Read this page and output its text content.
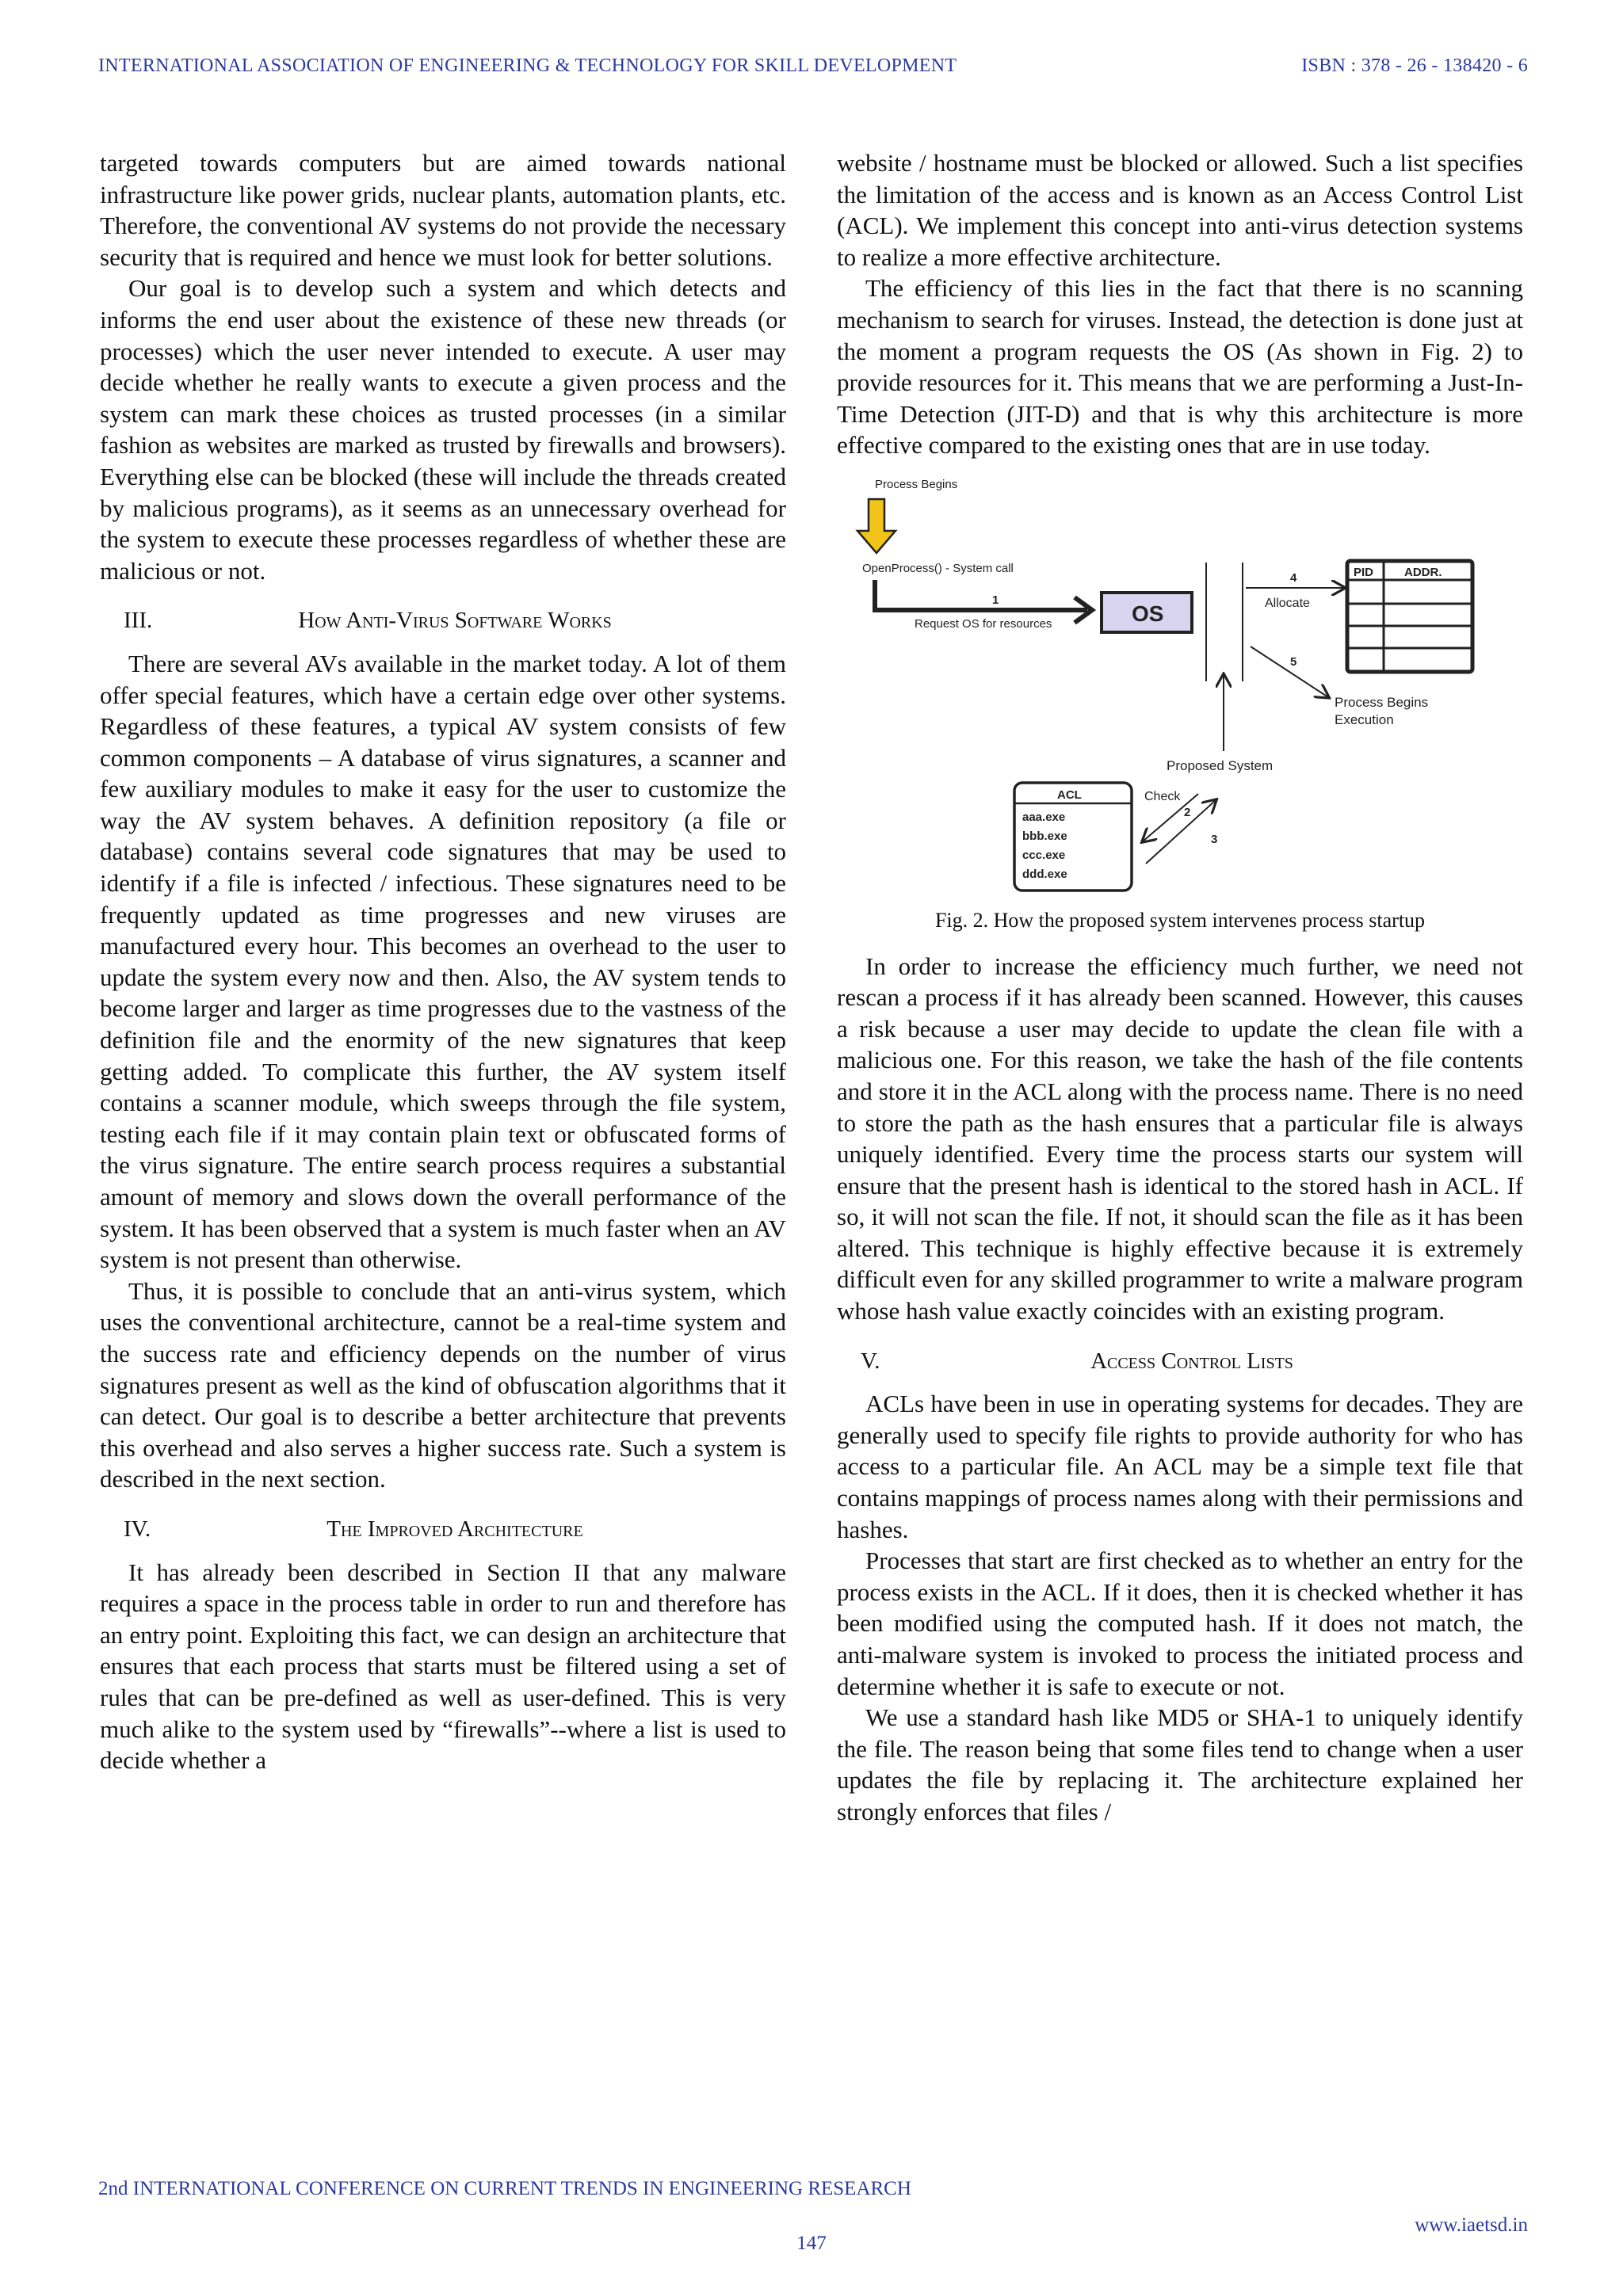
INTERNATIONAL ASSOCIATION OF ENGINEERING & TECHNOLOGY FOR SKILL DEVELOPMENT	ISBN : 378 - 26 - 138420 - 6

targeted towards computers but are aimed towards national infrastructure like power grids, nuclear plants, automation plants, etc. Therefore, the conventional AV systems do not provide the necessary security that is required and hence we must look for better solutions.

Our goal is to develop such a system and which detects and informs the end user about the existence of these new threads (or processes) which the user never intended to execute. A user may decide whether he really wants to execute a given process and the system can mark these choices as trusted processes (in a similar fashion as websites are marked as trusted by firewalls and browsers). Everything else can be blocked (these will include the threads created by malicious programs), as it seems as an unnecessary overhead for the system to execute these processes regardless of whether these are malicious or not.

III.	How Anti-Virus Software Works

There are several AVs available in the market today. A lot of them offer special features, which have a certain edge over other systems. Regardless of these features, a typical AV system consists of few common components – A database of virus signatures, a scanner and few auxiliary modules to make it easy for the user to customize the way the AV system behaves. A definition repository (a file or database) contains several code signatures that may be used to identify if a file is infected / infectious. These signatures need to be frequently updated as time progresses and new viruses are manufactured every hour. This becomes an overhead to the user to update the system every now and then. Also, the AV system tends to become larger and larger as time progresses due to the vastness of the definition file and the enormity of the new signatures that keep getting added. To complicate this further, the AV system itself contains a scanner module, which sweeps through the file system, testing each file if it may contain plain text or obfuscated forms of the virus signature. The entire search process requires a substantial amount of memory and slows down the overall performance of the system. It has been observed that a system is much faster when an AV system is not present than otherwise.

Thus, it is possible to conclude that an anti-virus system, which uses the conventional architecture, cannot be a real-time system and the success rate and efficiency depends on the number of virus signatures present as well as the kind of obfuscation algorithms that it can detect. Our goal is to describe a better architecture that prevents this overhead and also serves a higher success rate. Such a system is described in the next section.

IV.	The Improved Architecture

It has already been described in Section II that any malware requires a space in the process table in order to run and therefore has an entry point. Exploiting this fact, we can design an architecture that ensures that each process that starts must be filtered using a set of rules that can be pre-defined as well as user-defined. This is very much alike to the system used by “firewalls”--where a list is used to decide whether a

website / hostname must be blocked or allowed. Such a list specifies the limitation of the access and is known as an Access Control List (ACL). We implement this concept into anti-virus detection systems to realize a more effective architecture.

The efficiency of this lies in the fact that there is no scanning mechanism to search for viruses. Instead, the detection is done just at the moment a program requests the OS (As shown in Fig. 2) to provide resources for it. This means that we are performing a Just-In-Time Detection (JIT-D) and that is why this architecture is more effective compared to the existing ones that are in use today.

Process Begins
OpenProcess() - System call
1
Request OS for resources	OS
4
Allocate
PID	ADDR.
5
Process Begins
Execution
Proposed System
ACL
aaa.exe
bbb.exe
ccc.exe
ddd.exe
Check
2
3
Fig. 2. How the proposed system intervenes process startup

In order to increase the efficiency much further, we need not rescan a process if it has already been scanned. However, this causes a risk because a user may decide to update the clean file with a malicious one. For this reason, we take the hash of the file contents and store it in the ACL along with the process name. There is no need to store the path as the hash ensures that a particular file is always uniquely identified. Every time the process starts our system will ensure that the present hash is identical to the stored hash in ACL. If so, it will not scan the file. If not, it should scan the file as it has been altered. This technique is highly effective because it is extremely difficult even for any skilled programmer to write a malware program whose hash value exactly coincides with an existing program.

V.	Access Control Lists

ACLs have been in use in operating systems for decades. They are generally used to specify file rights to provide authority for who has access to a particular file. An ACL may be a simple text file that contains mappings of process names along with their permissions and hashes.

Processes that start are first checked as to whether an entry for the process exists in the ACL. If it does, then it is checked whether it has been modified using the computed hash. If it does not match, the anti-malware system is invoked to process the initiated process and determine whether it is safe to execute or not.

We use a standard hash like MD5 or SHA-1 to uniquely identify the file. The reason being that some files tend to change when a user updates the file by replacing it. The architecture explained her strongly enforces that files /

2nd INTERNATIONAL CONFERENCE ON CURRENT TRENDS IN ENGINEERING RESEARCH
www.iaetsd.in
147
